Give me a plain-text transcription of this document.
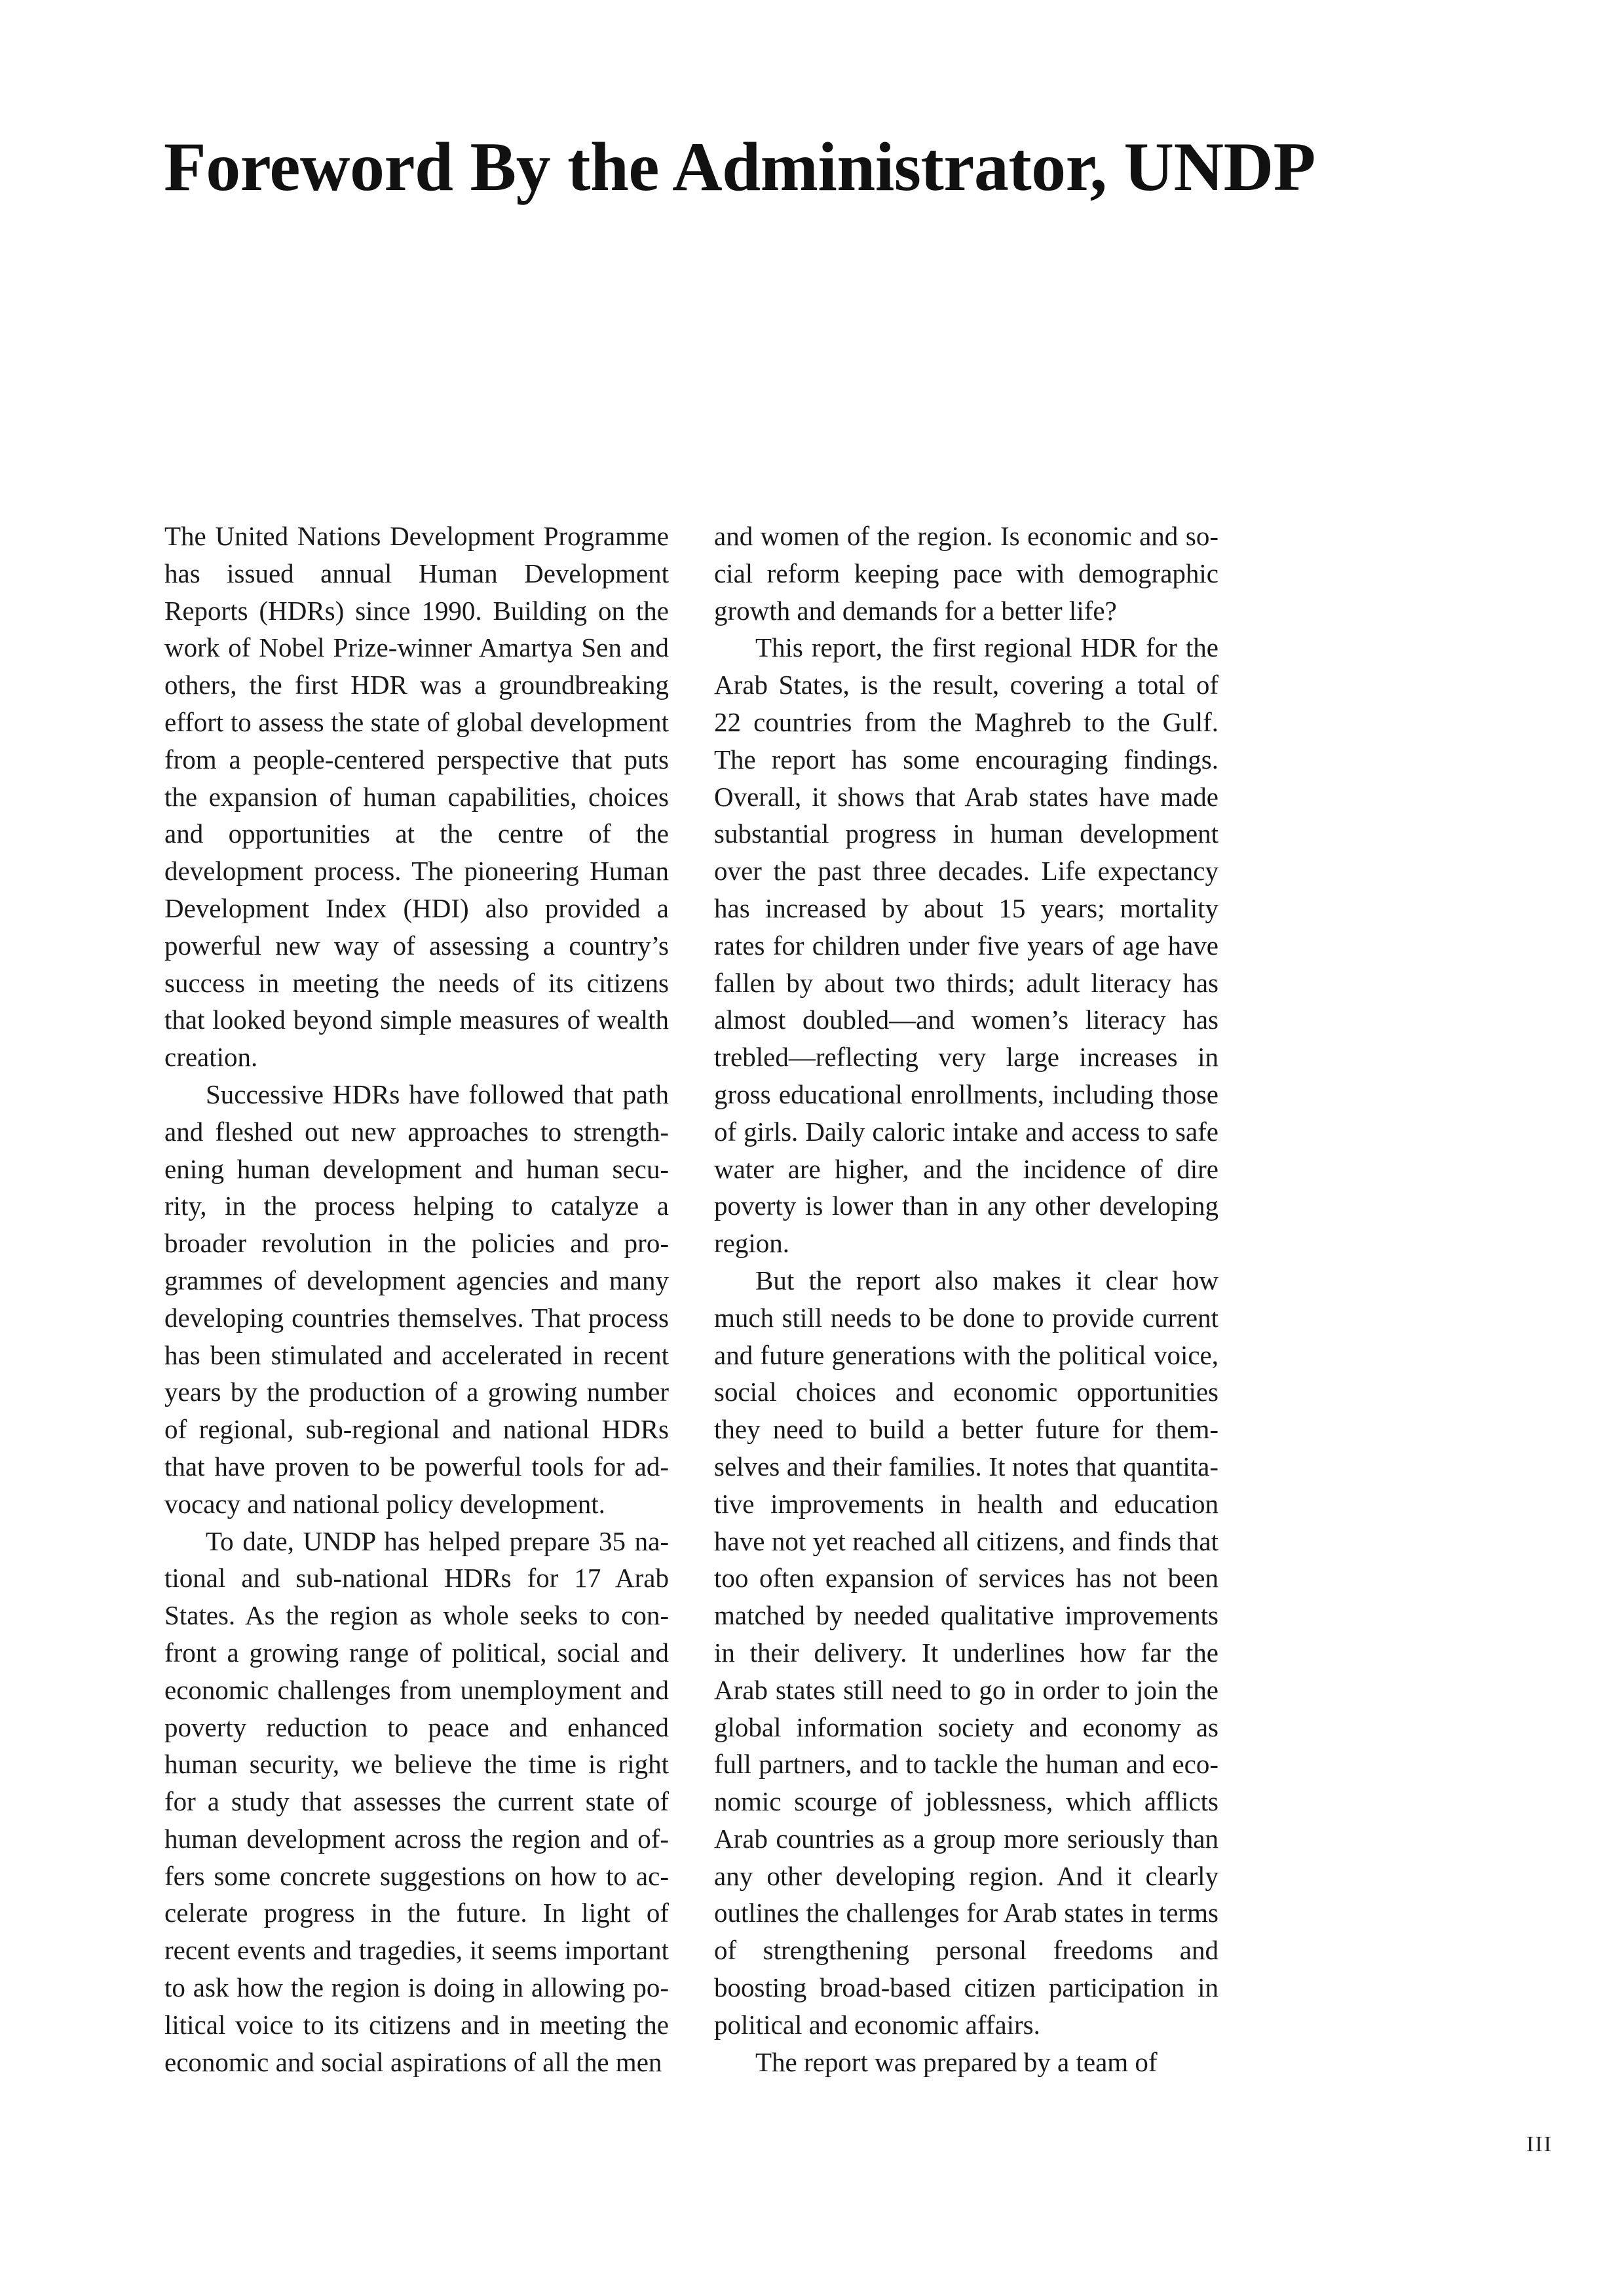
Foreword By the Administrator, UNDP

The United Nations Development Programme has issued annual Human Development Reports (HDRs) since 1990. Building on the work of Nobel Prize-winner Amartya Sen and others, the first HDR was a groundbreaking effort to assess the state of global development from a people-centered perspective that puts the expansion of human capabilities, choices and opportunities at the centre of the development process. The pioneering Human Development Index (HDI) also provided a powerful new way of assessing a country’s success in meeting the needs of its citizens that looked beyond simple measures of wealth creation.

Successive HDRs have followed that path and fleshed out new approaches to strengthening human development and human security, in the process helping to catalyze a broader revolution in the policies and programmes of development agencies and many developing countries themselves. That process has been stimulated and accelerated in recent years by the production of a growing number of regional, sub-regional and national HDRs that have proven to be powerful tools for advocacy and national policy development.

To date, UNDP has helped prepare 35 national and sub-national HDRs for 17 Arab States. As the region as whole seeks to confront a growing range of political, social and economic challenges from unemployment and poverty reduction to peace and enhanced human security, we believe the time is right for a study that assesses the current state of human development across the region and offers some concrete suggestions on how to accelerate progress in the future. In light of recent events and tragedies, it seems important to ask how the region is doing in allowing political voice to its citizens and in meeting the economic and social aspirations of all the men

and women of the region. Is economic and social reform keeping pace with demographic growth and demands for a better life?

This report, the first regional HDR for the Arab States, is the result, covering a total of 22 countries from the Maghreb to the Gulf. The report has some encouraging findings. Overall, it shows that Arab states have made substantial progress in human development over the past three decades. Life expectancy has increased by about 15 years; mortality rates for children under five years of age have fallen by about two thirds; adult literacy has almost doubled—and women’s literacy has trebled—reflecting very large increases in gross educational enrollments, including those of girls. Daily caloric intake and access to safe water are higher, and the incidence of dire poverty is lower than in any other developing region.

But the report also makes it clear how much still needs to be done to provide current and future generations with the political voice, social choices and economic opportunities they need to build a better future for themselves and their families. It notes that quantitative improvements in health and education have not yet reached all citizens, and finds that too often expansion of services has not been matched by needed qualitative improvements in their delivery. It underlines how far the Arab states still need to go in order to join the global information society and economy as full partners, and to tackle the human and economic scourge of joblessness, which afflicts Arab countries as a group more seriously than any other developing region. And it clearly outlines the challenges for Arab states in terms of strengthening personal freedoms and boosting broad-based citizen participation in political and economic affairs.

The report was prepared by a team of

III
